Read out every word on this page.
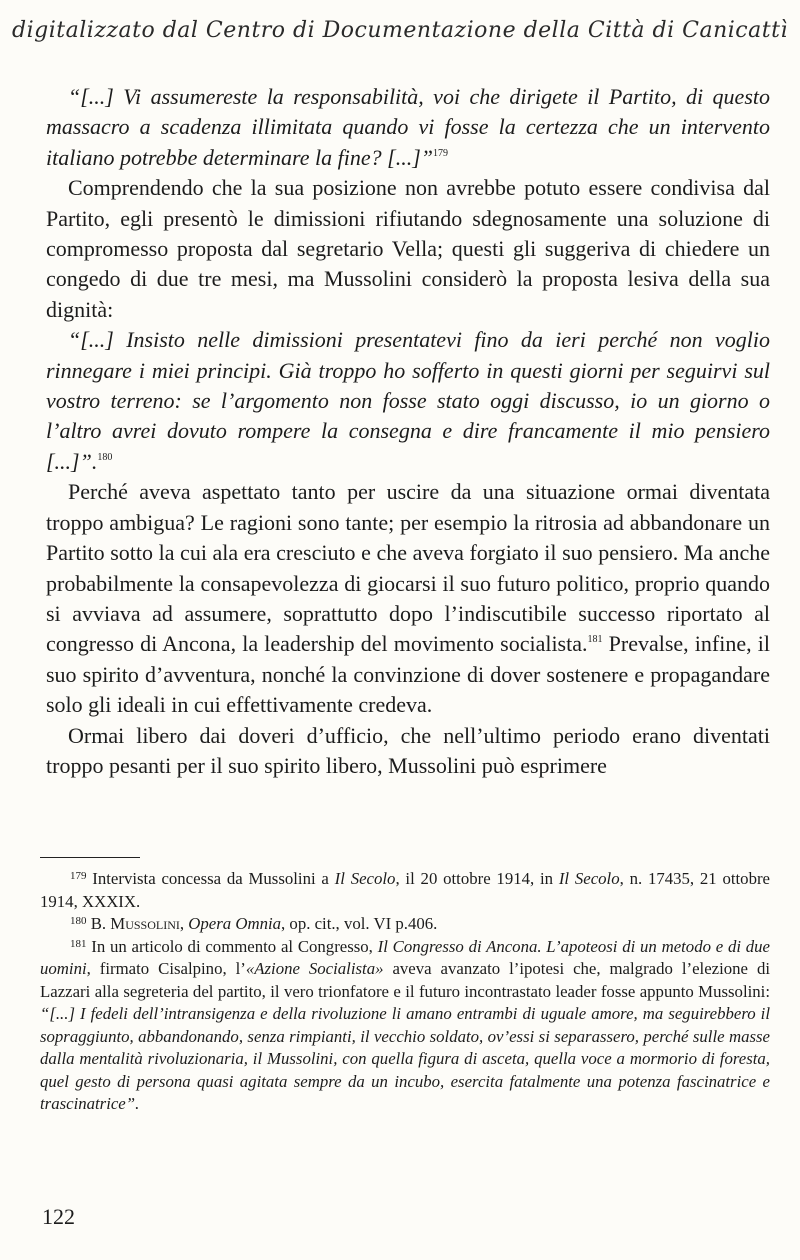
digitalizzato dal Centro di Documentazione della Città di Canicattì

“[...] Vi assumereste la responsabilità, voi che dirigete il Partito, di questo massacro a scadenza illimitata quando vi fosse la certezza che un intervento italiano potrebbe determinare la fine? [...]”$^{179}$

Comprendendo che la sua posizione non avrebbe potuto essere condivisa dal Partito, egli presentò le dimissioni rifiutando sdegnosamente una soluzione di compromesso proposta dal segretario Vella; questi gli suggeriva di chiedere un congedo di due tre mesi, ma Mussolini considerò la proposta lesiva della sua dignità:

“[...] Insisto nelle dimissioni presentatevi fino da ieri perché non voglio rinnegare i miei principi. Già troppo ho sofferto in questi giorni per seguirvi sul vostro terreno: se l’argomento non fosse stato oggi discusso, io un giorno o l’altro avrei dovuto rompere la consegna e dire francamente il mio pensiero [...]”.$^{180}$

Perché aveva aspettato tanto per uscire da una situazione ormai diventata troppo ambigua? Le ragioni sono tante; per esempio la ritrosia ad abbandonare un Partito sotto la cui ala era cresciuto e che aveva forgiato il suo pensiero. Ma anche probabilmente la consapevolezza di giocarsi il suo futuro politico, proprio quando si avviava ad assumere, soprattutto dopo l’indiscutibile successo riportato al congresso di Ancona, la leadership del movimento socialista.$^{181}$ Prevalse, infine, il suo spirito d’avventura, nonché la convinzione di dover sostenere e propagandare solo gli ideali in cui effettivamente credeva.

Ormai libero dai doveri d’ufficio, che nell’ultimo periodo erano diventati troppo pesanti per il suo spirito libero, Mussolini può esprimere

$^{179}$ Intervista concessa da Mussolini a Il Secolo, il 20 ottobre 1914, in Il Secolo, n. 17435, 21 ottobre 1914, XXXIX.

$^{180}$ B. Mussolini, Opera Omnia, op. cit., vol. VI p.406.

$^{181}$ In un articolo di commento al Congresso, Il Congresso di Ancona. L’apoteosi di un metodo e di due uomini, firmato Cisalpino, l’«Azione Socialista» aveva avanzato l’ipotesi che, malgrado l’elezione di Lazzari alla segreteria del partito, il vero trionfatore e il futuro incontrastato leader fosse appunto Mussolini: “[...] I fedeli dell’intransigenza e della rivoluzione li amano entrambi di uguale amore, ma seguirebbero il sopraggiunto, abbandonando, senza rimpianti, il vecchio soldato, ov’essi si separassero, perché sulle masse dalla mentalità rivoluzionaria, il Mussolini, con quella figura di asceta, quella voce a mormorio di foresta, quel gesto di persona quasi agitata sempre da un incubo, esercita fatalmente una potenza fascinatrice e trascinatrice”.

122
